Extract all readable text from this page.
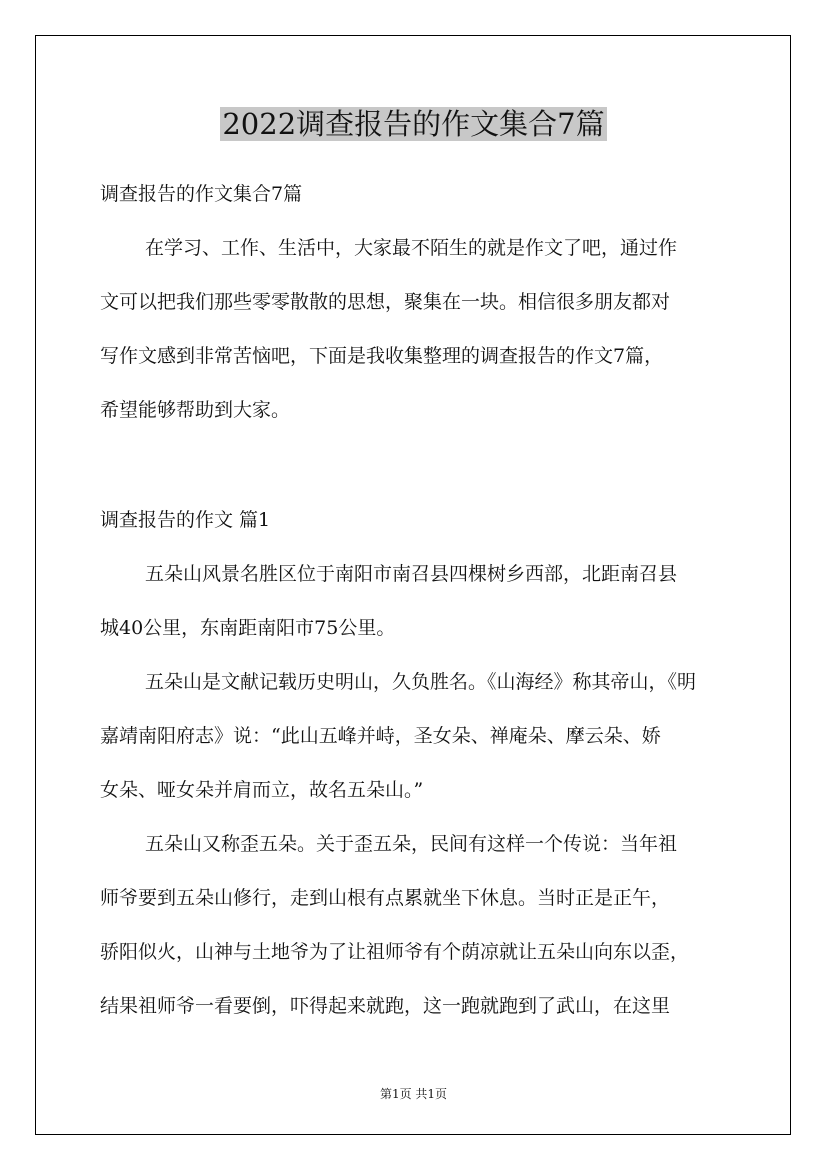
2022调查报告的作文集合7篇
调查报告的作文集合7篇
在学习、工作、生活中，大家最不陌生的就是作文了吧，通过作
文可以把我们那些零零散散的思想，聚集在一块。相信很多朋友都对
写作文感到非常苦恼吧，下面是我收集整理的调查报告的作文7篇，
希望能够帮助到大家。
调查报告的作文 篇1
五朵山风景名胜区位于南阳市南召县四棵树乡西部，北距南召县
城40公里，东南距南阳市75公里。
五朵山是文献记载历史明山，久负胜名。《山海经》称其帝山，《明
嘉靖南阳府志》说：“此山五峰并峙，圣女朵、禅庵朵、摩云朵、娇
女朵、哑女朵并肩而立，故名五朵山。”
五朵山又称歪五朵。关于歪五朵，民间有这样一个传说：当年祖
师爷要到五朵山修行，走到山根有点累就坐下休息。当时正是正午，
骄阳似火，山神与土地爷为了让祖师爷有个荫凉就让五朵山向东以歪，
结果祖师爷一看要倒，吓得起来就跑，这一跑就跑到了武山，在这里
第1页 共1页
